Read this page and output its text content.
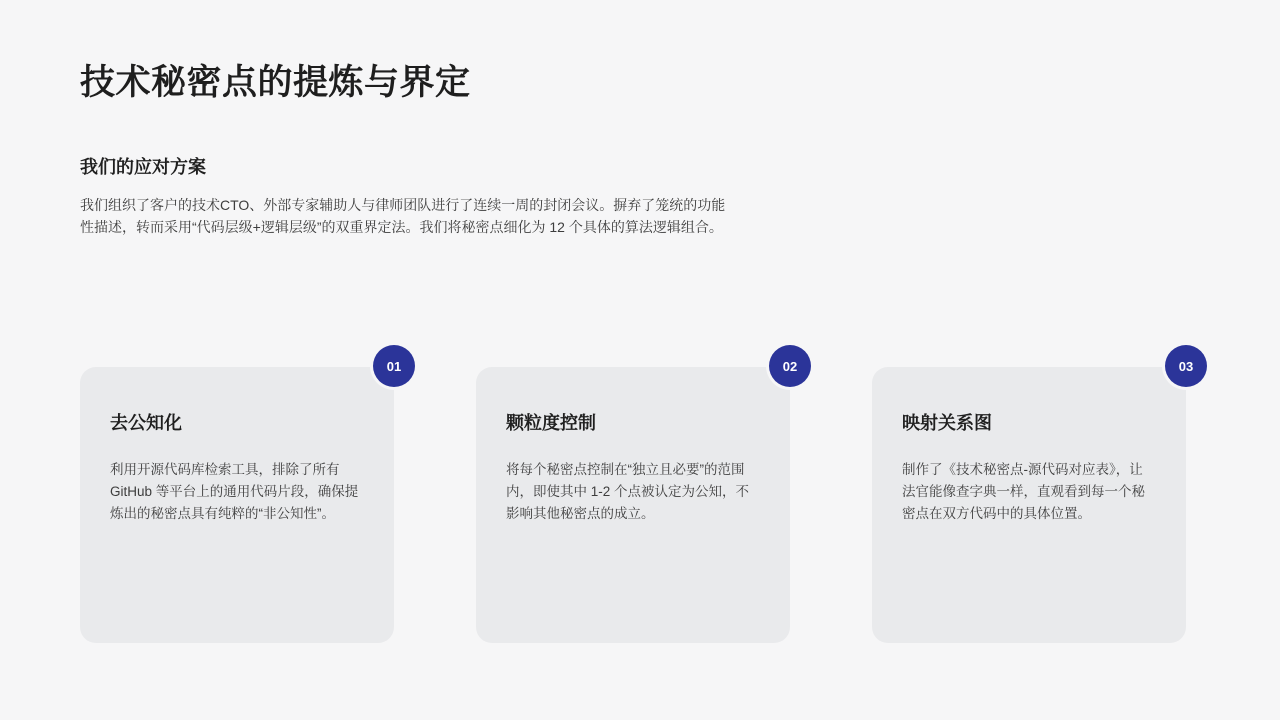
技术秘密点的提炼与界定
我们的应对方案

我们组织了客户的技术CTO、外部专家辅助人与律师团队进行了连续一周的封闭会议。摒弃了笼统的功能性描述，转而采用“代码层级+逻辑层级”的双重界定法。我们将秘密点细化为 12 个具体的算法逻辑组合。

01
去公知化

利用开源代码库检索工具，排除了所有 GitHub 等平台上的通用代码片段，确保提炼出的秘密点具有纯粹的“非公知性”。

02
颗粒度控制

将每个秘密点控制在“独立且必要”的范围内，即使其中 1-2 个点被认定为公知，不影响其他秘密点的成立。

03
映射关系图

制作了《技术秘密点-源代码对应表》，让法官能像查字典一样，直观看到每一个秘密点在双方代码中的具体位置。
